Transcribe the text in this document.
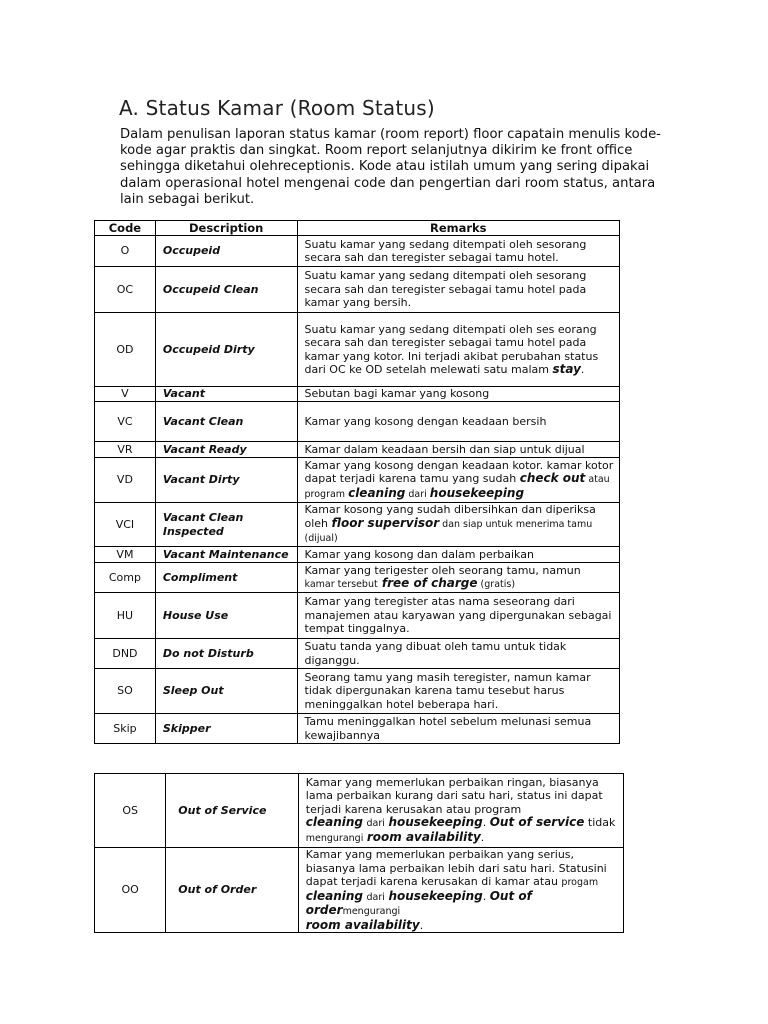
A. Status Kamar (Room Status)
Dalam penulisan laporan status kamar (room report) floor capatain menulis kode-kode agar praktis dan singkat. Room report selanjutnya dikirim ke front office sehingga diketahui olehreceptionis. Kode atau istilah umum yang sering dipakai dalam operasional hotel mengenai code dan pengertian dari room status, antara lain sebagai berikut.
Code	Description	Remarks
O	Occupeid	Suatu kamar yang sedang ditempati oleh sesorang secara sah dan teregister sebagai tamu hotel.
OC	Occupeid Clean	Suatu kamar yang sedang ditempati oleh sesorang secara sah dan teregister sebagai tamu hotel pada kamar yang bersih.
OD	Occupeid Dirty	Suatu kamar yang sedang ditempati oleh ses eorang secara sah dan teregister sebagai tamu hotel pada kamar yang kotor. Ini terjadi akibat perubahan status dari OC ke OD setelah melewati satu malam stay.
V	Vacant	Sebutan bagi kamar yang kosong
VC	Vacant Clean	Kamar yang kosong dengan keadaan bersih
VR	Vacant Ready	Kamar dalam keadaan bersih dan siap untuk dijual
VD	Vacant Dirty	Kamar yang kosong dengan keadaan kotor. kamar kotor dapat terjadi karena tamu yang sudah check out atau program cleaning dari housekeeping
VCI	Vacant Clean Inspected	Kamar kosong yang sudah dibersihkan dan diperiksa oleh floor supervisor dan siap untuk menerima tamu (dijual)
VM	Vacant Maintenance	Kamar yang kosong dan dalam perbaikan
Comp	Compliment	Kamar yang terigester oleh seorang tamu, namun
kamar tersebut free of charge (gratis)
HU	House Use	Kamar yang teregister atas nama seseorang dari manajemen atau karyawan yang dipergunakan sebagai tempat tinggalnya.
DND	Do not Disturb	Suatu tanda yang dibuat oleh tamu untuk tidak diganggu.
SO	Sleep Out	Seorang tamu yang masih teregister, namun kamar tidak dipergunakan karena tamu tesebut harus meninggalkan hotel beberapa hari.
Skip	Skipper	Tamu meninggalkan hotel sebelum melunasi semua kewajibannya
OS	Out of Service	Kamar yang memerlukan perbaikan ringan, biasanya lama perbaikan kurang dari satu hari, status ini dapat terjadi karena kerusakan atau program
cleaning dari housekeeping. Out of service tidak
mengurangi room availability.
OO	Out of Order	Kamar yang memerlukan perbaikan yang serius, biasanya lama perbaikan lebih dari satu hari. Statusini dapat terjadi karena kerusakan di kamar atau progam
cleaning dari housekeeping. Out of ordermengurangi
room availability.
